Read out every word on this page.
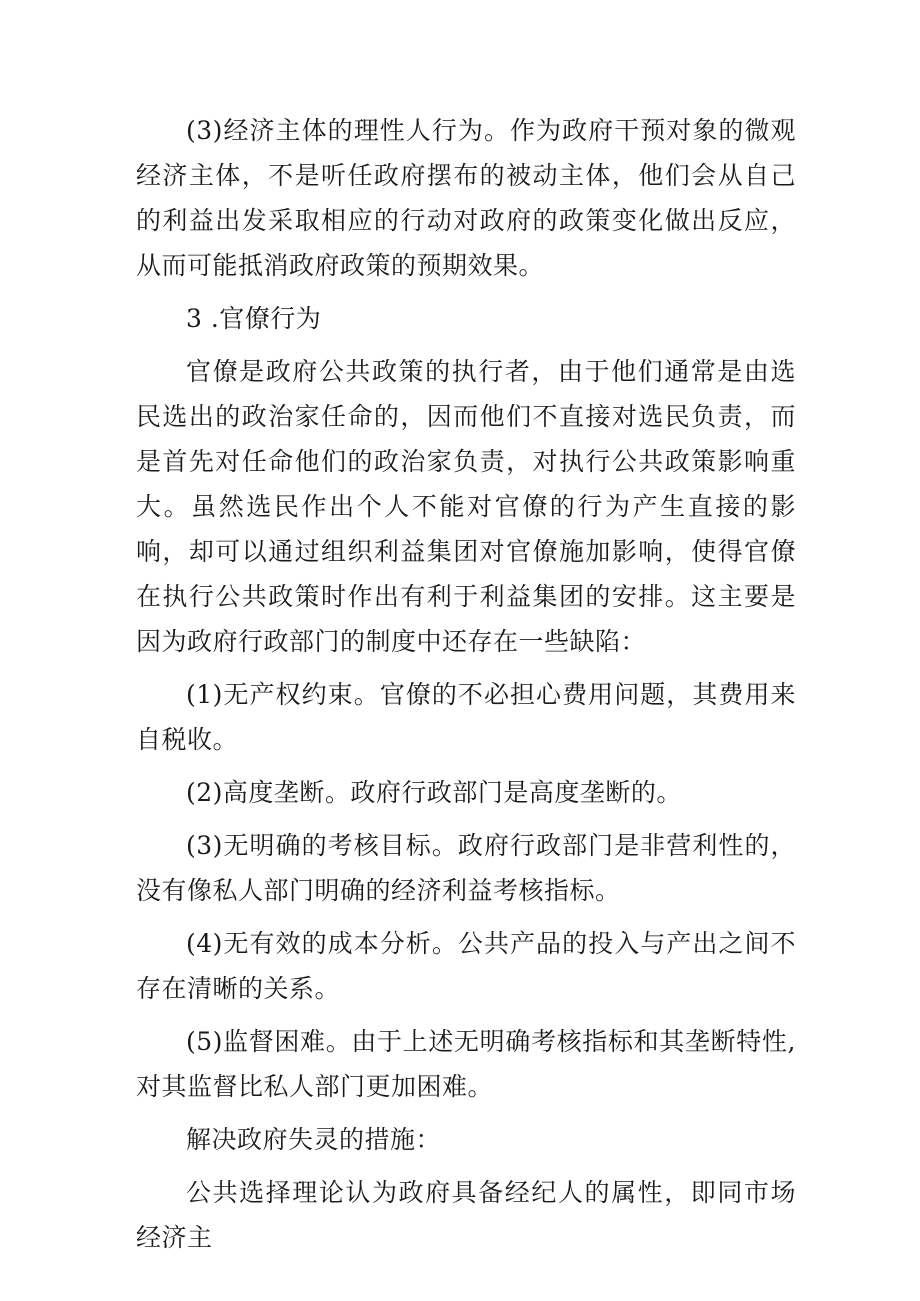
(3)经济主体的理性人行为。作为政府干预对象的微观经济主体，不是听任政府摆布的被动主体，他们会从自己的利益出发采取相应的行动对政府的政策变化做出反应，从而可能抵消政府政策的预期效果。

3 .官僚行为

官僚是政府公共政策的执行者，由于他们通常是由选民选出的政治家任命的，因而他们不直接对选民负责，而是首先对任命他们的政治家负责，对执行公共政策影响重大。虽然选民作出个人不能对官僚的行为产生直接的影响，却可以通过组织利益集团对官僚施加影响，使得官僚在执行公共政策时作出有利于利益集团的安排。这主要是因为政府行政部门的制度中还存在一些缺陷：

(1)无产权约束。官僚的不必担心费用问题，其费用来自税收。

(2)高度垄断。政府行政部门是高度垄断的。

(3)无明确的考核目标。政府行政部门是非营利性的，没有像私人部门明确的经济利益考核指标。

(4)无有效的成本分析。公共产品的投入与产出之间不存在清晰的关系。

(5)监督困难。由于上述无明确考核指标和其垄断特性,对其监督比私人部门更加困难。

解决政府失灵的措施：

公共选择理论认为政府具备经纪人的属性，即同市场经济主
